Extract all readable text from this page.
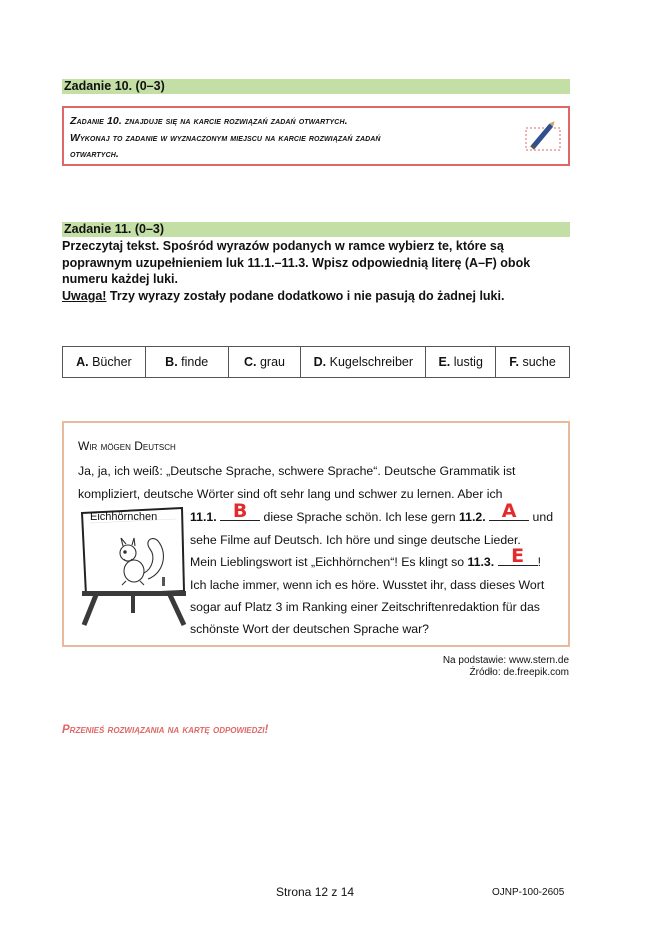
Zadanie 10. (0–3)

Zadanie 10. znajduje się na karcie rozwiązań zadań otwartych.

Wykonaj to zadanie w wyznaczonym miejscu na karcie rozwiązań zadań

otwartych.

Zadanie 11. (0–3)
Przeczytaj tekst. Spośród wyrazów podanych w ramce wybierz te, które są
poprawnym uzupełnieniem luk 11.1.–11.3. Wpisz odpowiednią literę (A–F) obok
numeru każdej luki.
Uwaga! Trzy wyrazy zostały podane dodatkowo i nie pasują do żadnej luki.
A. Bücher	B. finde	C. grau	D. Kugelschreiber	E. lustig	F. suche
Wir mögen Deutsch
Ja, ja, ich weiß: „Deutsche Sprache, schwere Sprache“. Deutsche Grammatik ist
kompliziert, deutsche Wörter sind oft sehr lang und schwer zu lernen. Aber ich
11.1. B	diese Sprache schön. Ich lese gern 11.2. A	und
sehe Filme auf Deutsch. Ich höre und singe deutsche Lieder.
Mein Lieblingswort ist „Eichhörnchen“! Es klingt so 11.3. E	!
Ich lache immer, wenn ich es höre. Wusstet ihr, dass dieses Wort
sogar auf Platz 3 im Ranking einer Zeitschriftenredaktion für das
schönste Wort der deutschen Sprache war?
Eichhörnchen
Na podstawie: www.stern.de
Źródło: de.freepik.com
Przenieś rozwiązania na kartę odpowiedzi!
Strona 12 z 14	OJNP-100-2605
